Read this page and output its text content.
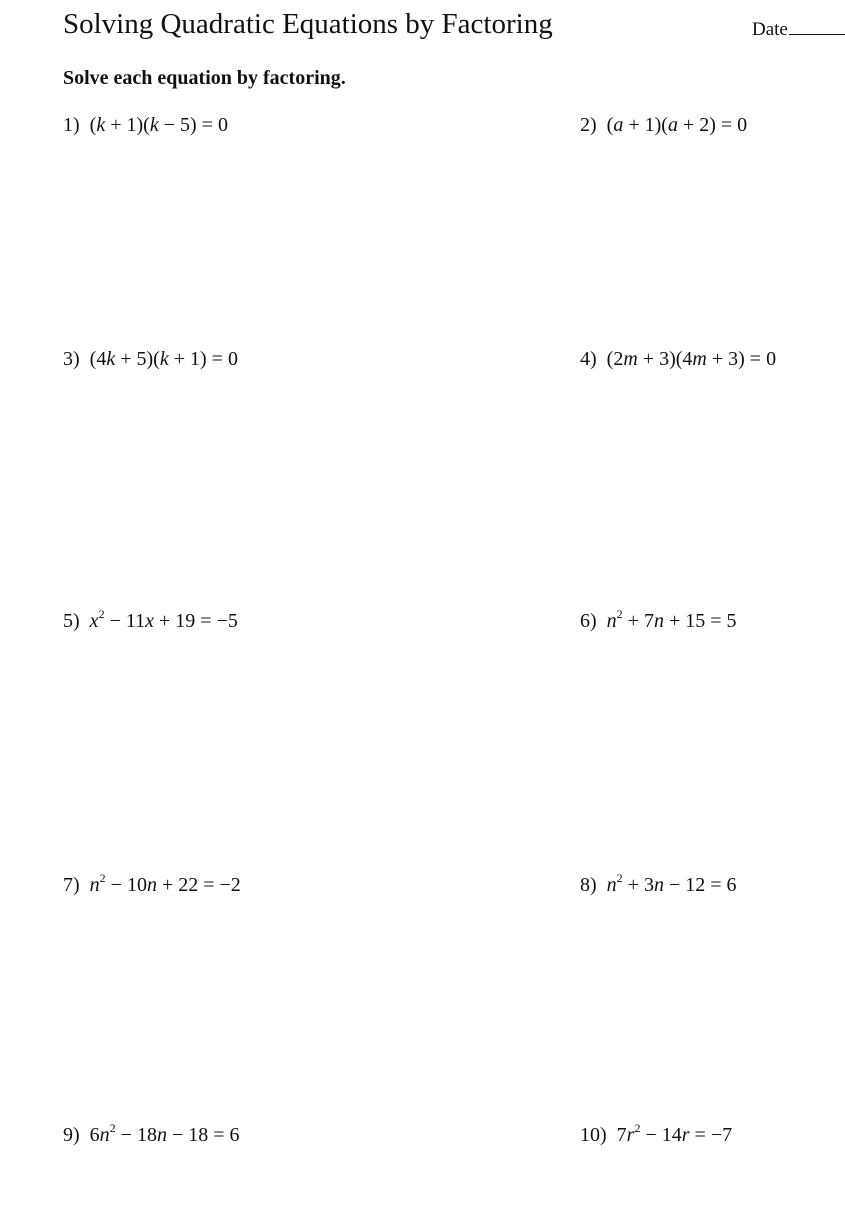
Solving Quadratic Equations by Factoring	Date
Solve each equation by factoring.
1) (k + 1)(k − 5) = 0	2) (a + 1)(a + 2) = 0
3) (4k + 5)(k + 1) = 0	4) (2m + 3)(4m + 3) = 0
5) $x^2 - 11x + 19 = -5$	6) $n^2 + 7n + 15 = 5$
7) $n^2 - 10n + 22 = -2$	8) $n^2 + 3n - 12 = 6$
9) $6n^2 - 18n - 18 = 6$	10) $7r^2 - 14r = -7$
